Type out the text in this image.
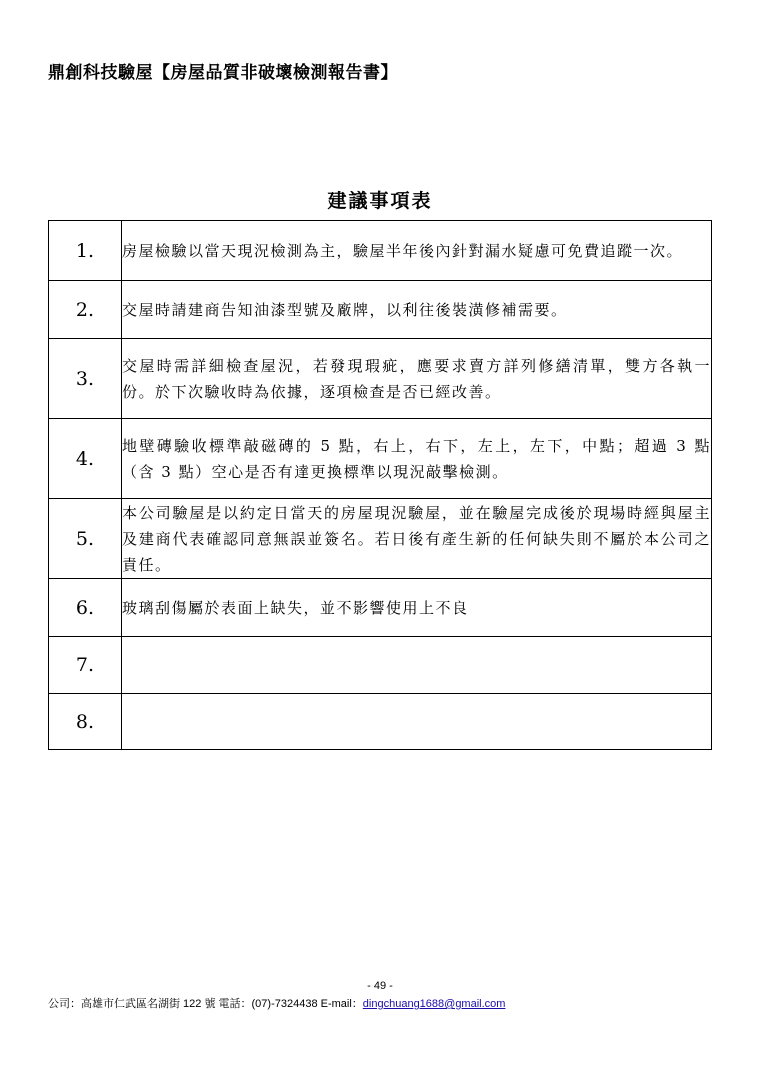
鼎創科技驗屋【房屋品質非破壞檢測報告書】
建議事項表
1.	房屋檢驗以當天現況檢測為主，驗屋半年後內針對漏水疑慮可免費追蹤一次。
2.	交屋時請建商告知油漆型號及廠牌，以利往後裝潢修補需要。
3.	交屋時需詳細檢查屋況，若發現瑕疵，應要求賣方詳列修繕清單，雙方各執一份。於下次驗收時為依據，逐項檢查是否已經改善。
4.	地壁磚驗收標準敲磁磚的 5 點，右上，右下，左上，左下，中點；超過 3 點（含 3 點）空心是否有達更換標準以現況敲擊檢測。
5.	本公司驗屋是以約定日當天的房屋現況驗屋，並在驗屋完成後於現場時經與屋主及建商代表確認同意無誤並簽名。若日後有產生新的任何缺失則不屬於本公司之責任。
6.	玻璃刮傷屬於表面上缺失，並不影響使用上不良
7.	
8.	
- 49 -
公司：高雄市仁武區名湖街 122 號 電話：(07)-7324438 E-mail：dingchuang1688@gmail.com
